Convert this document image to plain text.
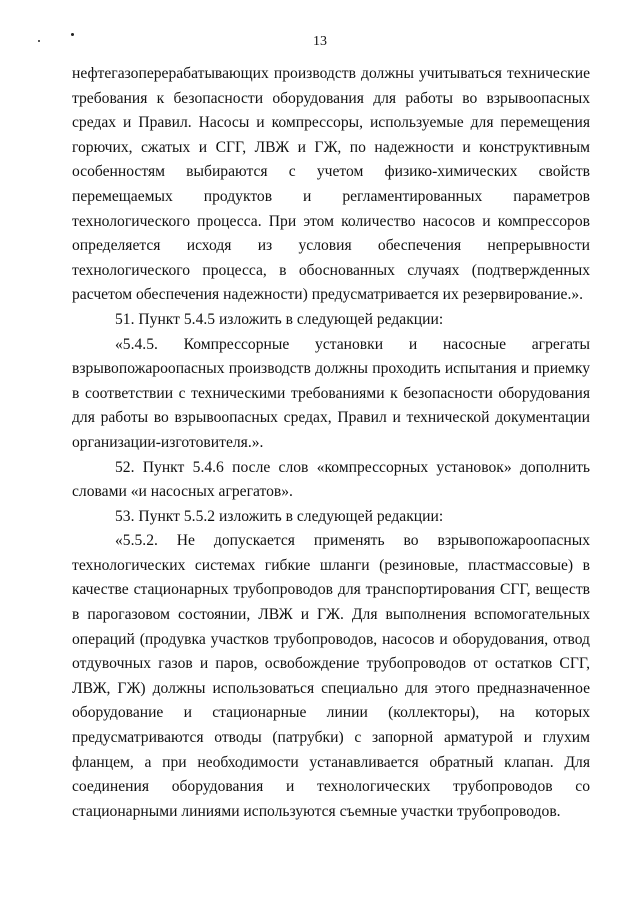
13

нефтегазоперерабатывающих производств должны учитываться технические требования к безопасности оборудования для работы во взрывоопасных средах и Правил. Насосы и компрессоры, используемые для перемещения горючих, сжатых и СГГ, ЛВЖ и ГЖ, по надежности и конструктивным особенностям выбираются с учетом физико-химических свойств перемещаемых продуктов и регламентированных параметров технологического процесса. При этом количество насосов и компрессоров определяется исходя из условия обеспечения непрерывности технологического процесса, в обоснованных случаях (подтвержденных расчетом обеспечения надежности) предусматривается их резервирование.».

51. Пункт 5.4.5 изложить в следующей редакции:

«5.4.5. Компрессорные установки и насосные агрегаты взрывопожароопасных производств должны проходить испытания и приемку в соответствии с техническими требованиями к безопасности оборудования для работы во взрывоопасных средах, Правил и технической документации организации-изготовителя.».

52. Пункт 5.4.6 после слов «компрессорных установок» дополнить словами «и насосных агрегатов».

53. Пункт 5.5.2 изложить в следующей редакции:

«5.5.2. Не допускается применять во взрывопожароопасных технологических системах гибкие шланги (резиновые, пластмассовые) в качестве стационарных трубопроводов для транспортирования СГГ, веществ в парогазовом состоянии, ЛВЖ и ГЖ. Для выполнения вспомогательных операций (продувка участков трубопроводов, насосов и оборудования, отвод отдувочных газов и паров, освобождение трубопроводов от остатков СГГ, ЛВЖ, ГЖ) должны использоваться специально для этого предназначенное оборудование и стационарные линии (коллекторы), на которых предусматриваются отводы (патрубки) с запорной арматурой и глухим фланцем, а при необходимости устанавливается обратный клапан. Для соединения оборудования и технологических трубопроводов со стационарными линиями используются съемные участки трубопроводов.
